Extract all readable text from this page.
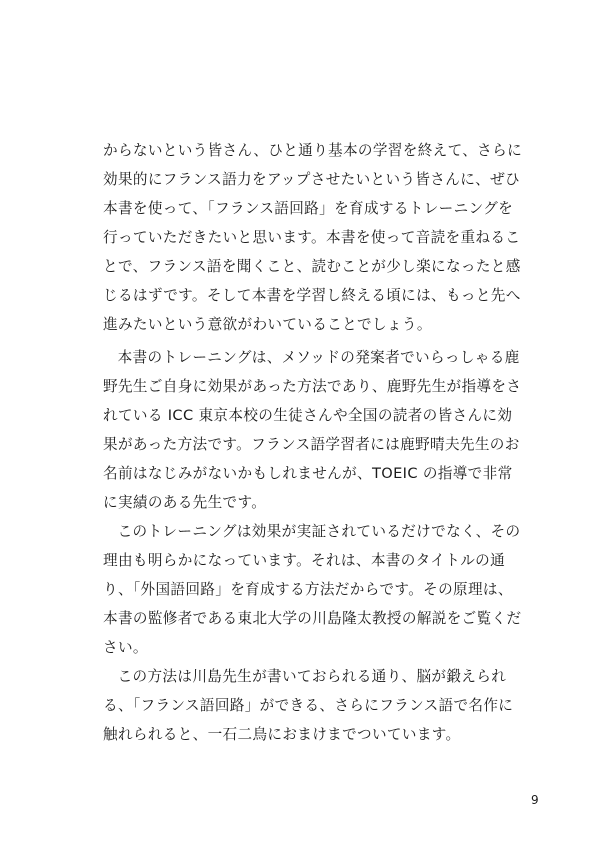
からないという皆さん、ひと通り基本の学習を終えて、さらに
効果的にフランス語力をアップさせたいという皆さんに、ぜひ
本書を使って、「フランス語回路」を育成するトレーニングを
行っていただきたいと思います。本書を使って音読を重ねるこ
とで、フランス語を聞くこと、読むことが少し楽になったと感
じるはずです。そして本書を学習し終える頃には、もっと先へ
進みたいという意欲がわいていることでしょう。
本書のトレーニングは、メソッドの発案者でいらっしゃる鹿
野先生ご自身に効果があった方法であり、鹿野先生が指導をさ
れている ICC 東京本校の生徒さんや全国の読者の皆さんに効
果があった方法です。フランス語学習者には鹿野晴夫先生のお
名前はなじみがないかもしれませんが、TOEIC の指導で非常
に実績のある先生です。
このトレーニングは効果が実証されているだけでなく、その
理由も明らかになっています。それは、本書のタイトルの通
り、「外国語回路」を育成する方法だからです。その原理は、
本書の監修者である東北大学の川島隆太教授の解説をご覧くだ
さい。
この方法は川島先生が書いておられる通り、脳が鍛えられ
る、「フランス語回路」ができる、さらにフランス語で名作に
触れられると、一石二鳥におまけまでついています。
9
